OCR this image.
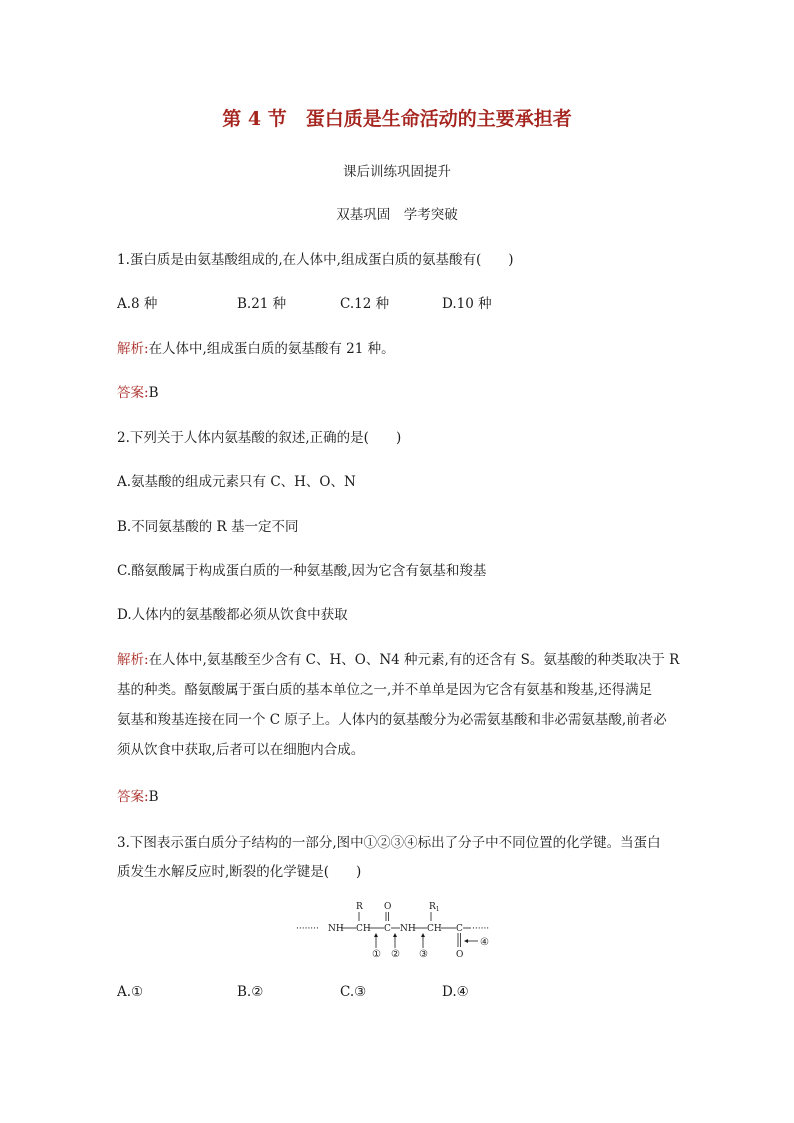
第 4 节　蛋白质是生命活动的主要承担者
课后训练巩固提升
双基巩固　学考突破
1.蛋白质是由氨基酸组成的,在人体中,组成蛋白质的氨基酸有(　　)
A.8 种	B.21 种	C.12 种	D.10 种
解析:在人体中,组成蛋白质的氨基酸有 21 种。
答案:B
2.下列关于人体内氨基酸的叙述,正确的是(　　)
A.氨基酸的组成元素只有 C、H、O、N
B.不同氨基酸的 R 基一定不同
C.酪氨酸属于构成蛋白质的一种氨基酸,因为它含有氨基和羧基
D.人体内的氨基酸都必须从饮食中获取
解析:在人体中,氨基酸至少含有 C、H、O、N4 种元素,有的还含有 S。氨基酸的种类取决于 R
基的种类。酪氨酸属于蛋白质的基本单位之一,并不单单是因为它含有氨基和羧基,还得满足
氨基和羧基连接在同一个 C 原子上。人体内的氨基酸分为必需氨基酸和非必需氨基酸,前者必
须从饮食中获取,后者可以在细胞内合成。
答案:B
3.下图表示蛋白质分子结构的一部分,图中①②③④标出了分子中不同位置的化学键。当蛋白
质发生水解反应时,断裂的化学键是(　　)
········ NH CH C NH CH C ······
R	$R_1$
O
O
① ② ③
④
A.①	B.②	C.③	D.④
